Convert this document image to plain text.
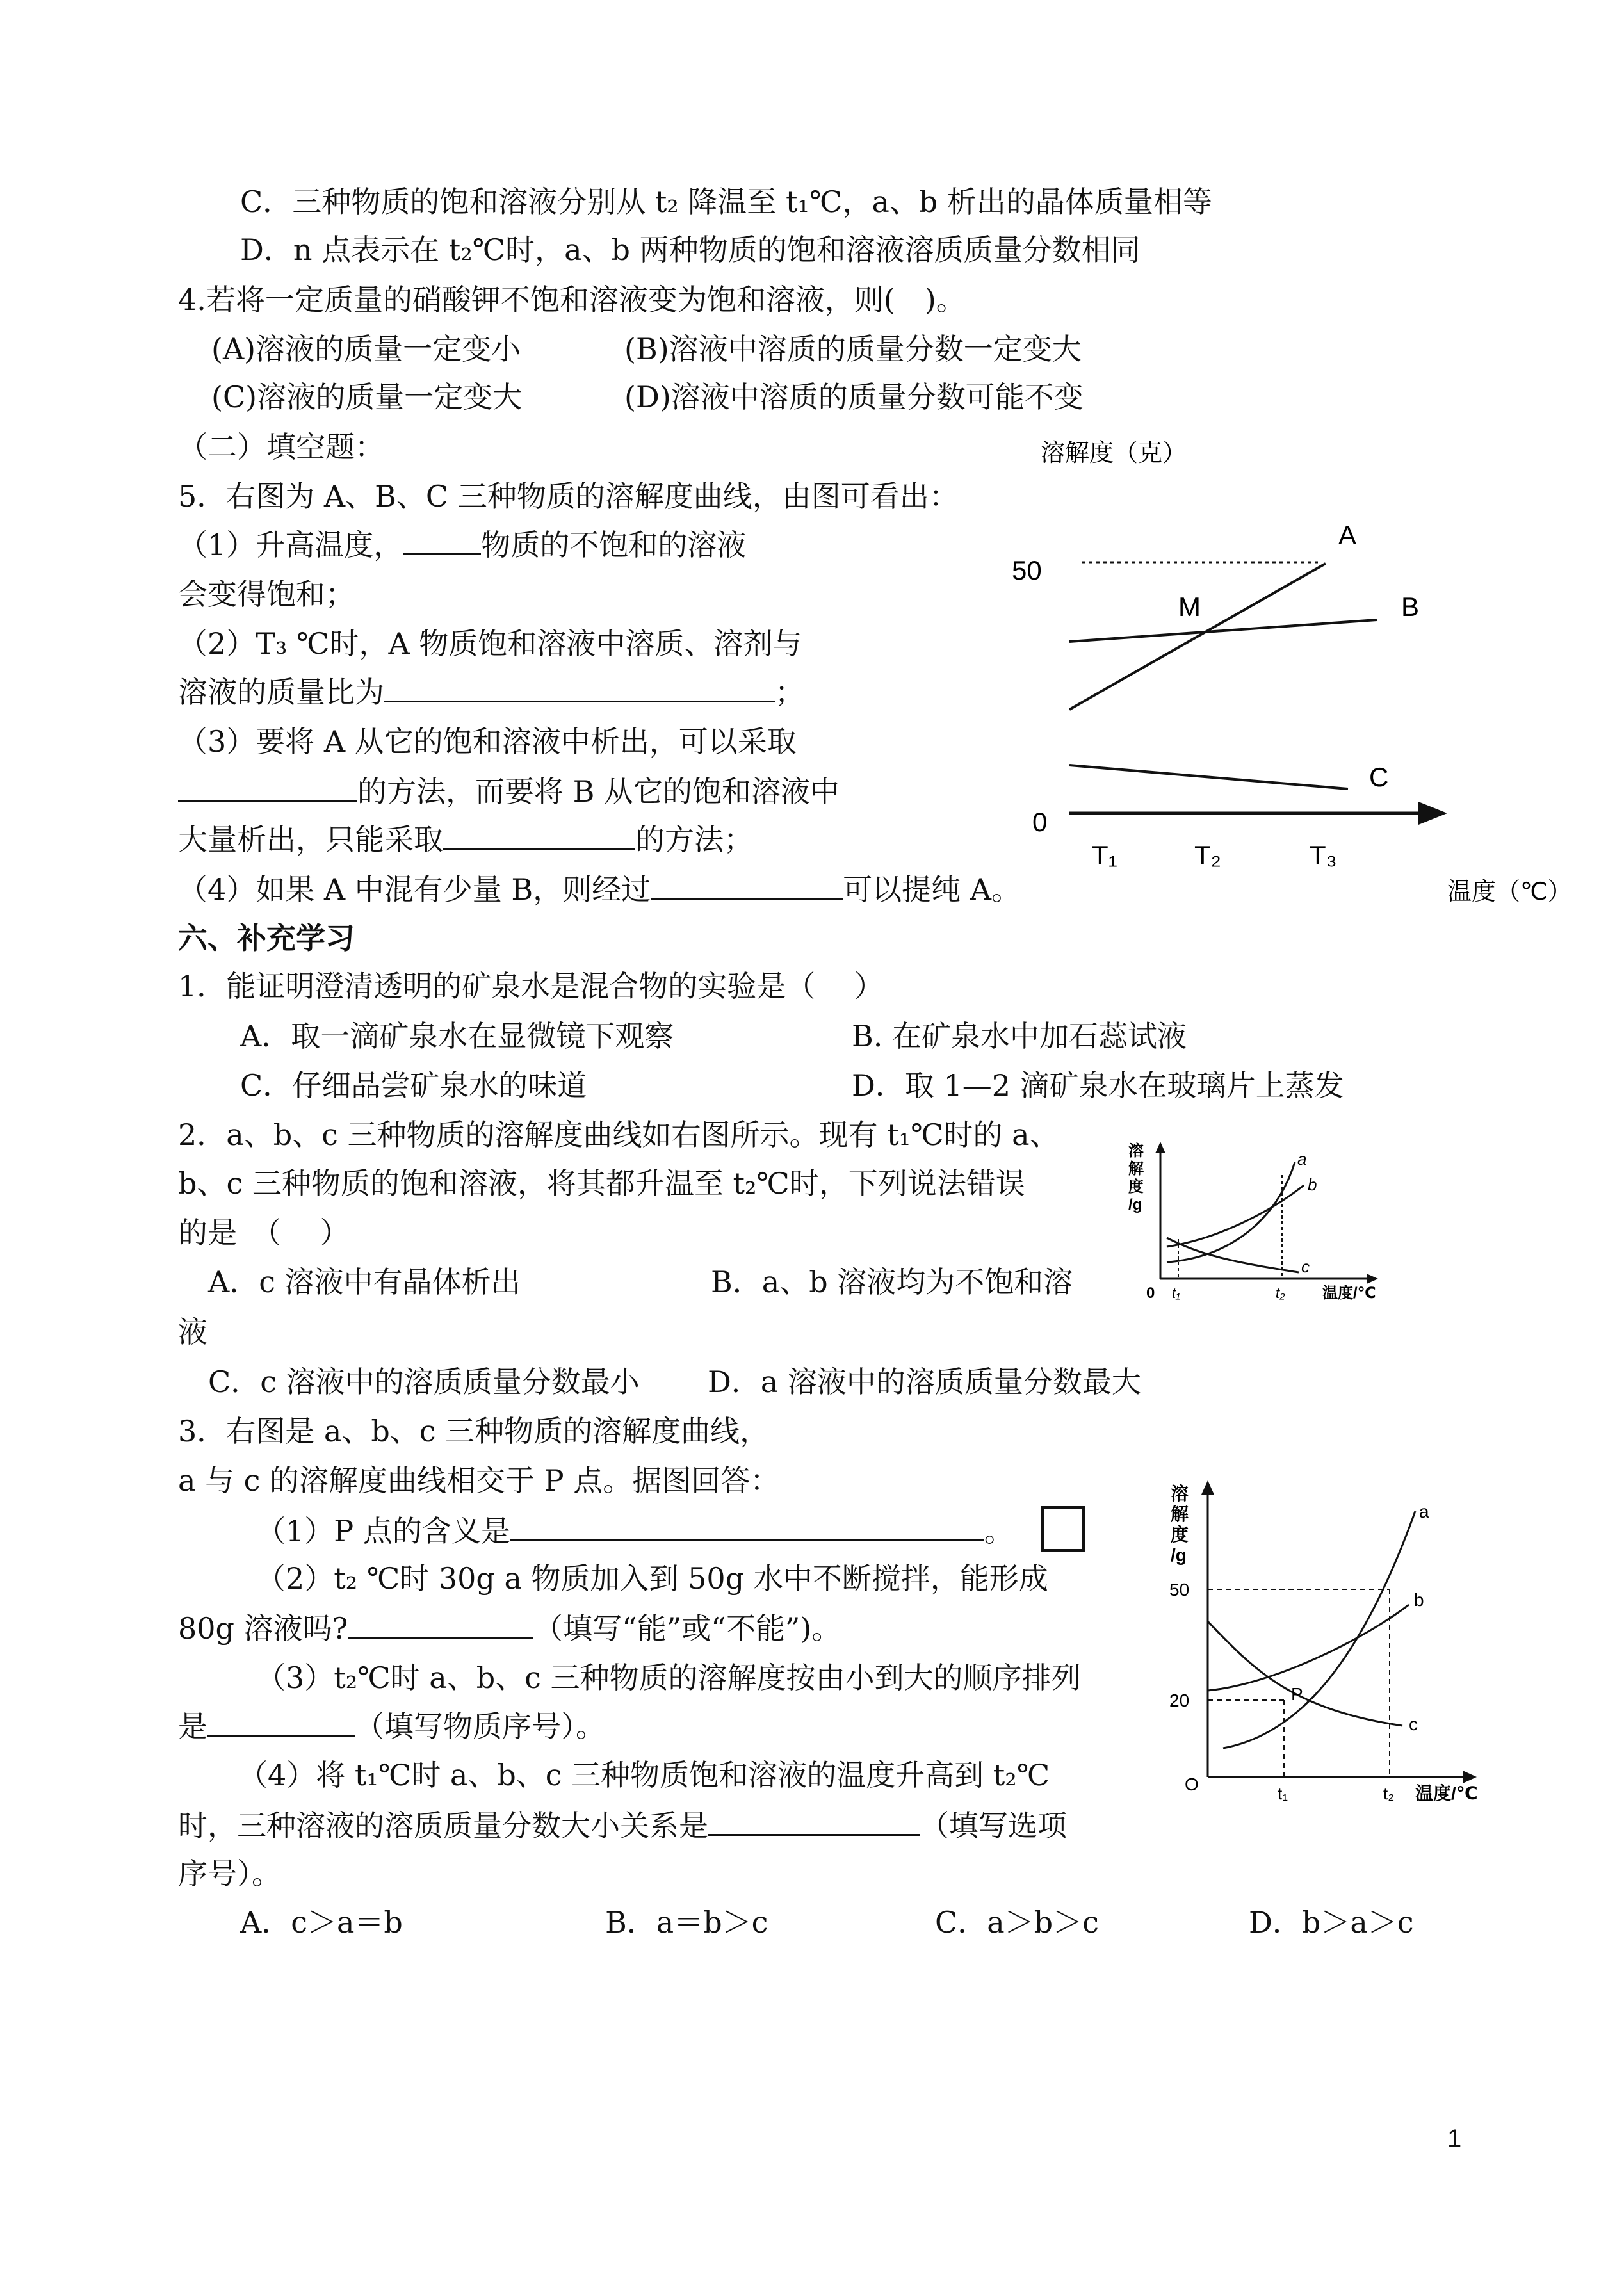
C．三种物质的饱和溶液分别从 t₂ 降温至 t₁℃，a、b 析出的晶体质量相等
D．n 点表示在 t₂℃时，a、b 两种物质的饱和溶液溶质质量分数相同
4.若将一定质量的硝酸钾不饱和溶液变为饱和溶液，则(　)。
(A)溶液的质量一定变小	(B)溶液中溶质的质量分数一定变大
(C)溶液的质量一定变大	(D)溶液中溶质的质量分数可能不变
（二）填空题：
5．右图为 A、B、C 三种物质的溶解度曲线，由图可看出：
（1）升高温度，	物质的不饱和的溶液
会变得饱和；
（2）T₃ ℃时，A 物质饱和溶液中溶质、溶剂与
溶液的质量比为	；
（3）要将 A 从它的饱和溶液中析出，可以采取
的方法，而要将 B 从它的饱和溶液中
大量析出，只能采取	的方法；
（4）如果 A 中混有少量 B，则经过	可以提纯 A。
溶解度（克）
50
A
B
C
M
0
T₁	T₂	T₃
温度（℃）
六、补充学习
1．能证明澄清透明的矿泉水是混合物的实验是（　 ）
A．取一滴矿泉水在显微镜下观察	B. 在矿泉水中加石蕊试液
C．仔细品尝矿泉水的味道	D．取 1—2 滴矿泉水在玻璃片上蒸发
2．a、b、c 三种物质的溶解度曲线如右图所示。现有 t₁℃时的 a、
b、c 三种物质的饱和溶液，将其都升温至 t₂℃时，下列说法错误
的是　（　 ）
A．c 溶液中有晶体析出	B．a、b 溶液均为不饱和溶
液
C．c 溶液中的溶质质量分数最小 D．a 溶液中的溶质质量分数最大
溶
解
度
/g
a
b
c
0 t₁	t₂ 温度/℃
3．右图是 a、b、c 三种物质的溶解度曲线，
a 与 c 的溶解度曲线相交于 P 点。据图回答：
（1）P 点的含义是	。
（2）t₂ ℃时 30g a 物质加入到 50g 水中不断搅拌，能形成
80g 溶液吗?	（填写“能”或“不能”)。
（3）t₂℃时 a、b、c 三种物质的溶解度按由小到大的顺序排列
是	（填写物质序号）。
（4）将 t₁℃时 a、b、c 三种物质饱和溶液的温度升高到 t₂℃
时，三种溶液的溶质质量分数大小关系是	（填写选项
序号）。
A．c＞a＝b	B．a＝b＞c	C．a＞b＞c	D．b＞a＞c
溶
解
度
/g
a
b
c
P
50
20
O	t₁	t₂ 温度/℃
1
